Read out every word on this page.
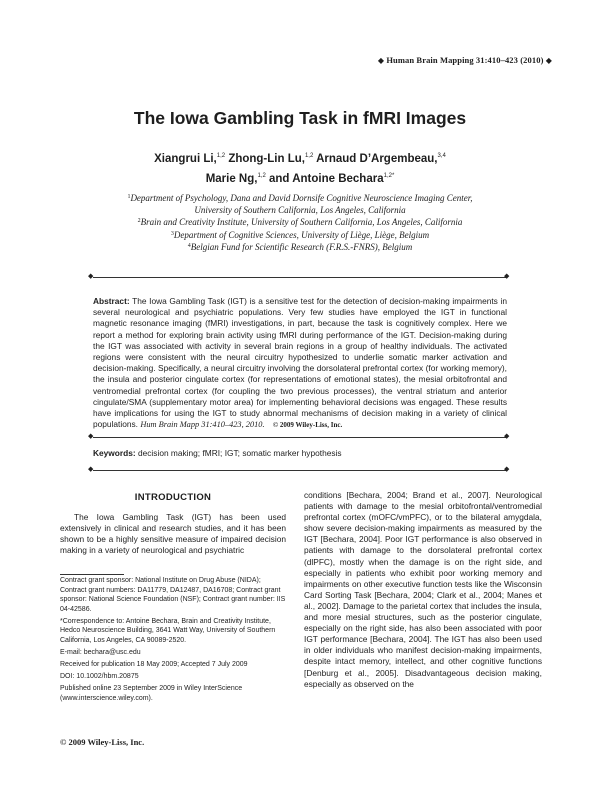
◆ Human Brain Mapping 31:410–423 (2010) ◆
The Iowa Gambling Task in fMRI Images
Xiangrui Li,$^{1,2}$ Zhong-Lin Lu,$^{1,2}$ Arnaud D’Argembeau,$^{3,4}$
Marie Ng,$^{1,2}$ and Antoine Bechara$^{1,2*}$
$^1$Department of Psychology, Dana and David Dornsife Cognitive Neuroscience Imaging Center,
University of Southern California, Los Angeles, California
$^2$Brain and Creativity Institute, University of Southern California, Los Angeles, California
$^3$Department of Cognitive Sciences, University of Liège, Liège, Belgium
$^4$Belgian Fund for Scientific Research (F.R.S.-FNRS), Belgium
◆	◆
Abstract: The Iowa Gambling Task (IGT) is a sensitive test for the detection of decision-making impairments in several neurological and psychiatric populations. Very few studies have employed the IGT in functional magnetic resonance imaging (fMRI) investigations, in part, because the task is cognitively complex. Here we report a method for exploring brain activity using fMRI during performance of the IGT. Decision-making during the IGT was associated with activity in several brain regions in a group of healthy individuals. The activated regions were consistent with the neural circuitry hypothesized to underlie somatic marker activation and decision-making. Specifically, a neural circuitry involving the dorsolateral prefrontal cortex (for working memory), the insula and posterior cingulate cortex (for representations of emotional states), the mesial orbitofrontal and ventromedial prefrontal cortex (for coupling the two previous processes), the ventral striatum and anterior cingulate/SMA (supplementary motor area) for implementing behavioral decisions was engaged. These results have implications for using the IGT to study abnormal mechanisms of decision making in a variety of clinical populations. Hum Brain Mapp 31:410–423, 2010. © 2009 Wiley-Liss, Inc.
◆	◆
Keywords: decision making; fMRI; IGT; somatic marker hypothesis
◆	◆
INTRODUCTION
The Iowa Gambling Task (IGT) has been used extensively in clinical and research studies, and it has been shown to be a highly sensitive measure of impaired decision making in a variety of neurological and psychiatric
conditions [Bechara, 2004; Brand et al., 2007]. Neurological patients with damage to the mesial orbitofrontal/ventromedial prefrontal cortex (mOFC/vmPFC), or to the bilateral amygdala, show severe decision-making impairments as measured by the IGT [Bechara, 2004]. Poor IGT performance is also observed in patients with damage to the dorsolateral prefrontal cortex (dlPFC), mostly when the damage is on the right side, and especially in patients who exhibit poor working memory and impairments on other executive function tests like the Wisconsin Card Sorting Task [Bechara, 2004; Clark et al., 2004; Manes et al., 2002]. Damage to the parietal cortex that includes the insula, and more mesial structures, such as the posterior cingulate, especially on the right side, has also been associated with poor IGT performance [Bechara, 2004]. The IGT has also been used in older individuals who manifest decision-making impairments, despite intact memory, intellect, and other cognitive functions [Denburg et al., 2005]. Disadvantageous decision making, especially as observed on the
Contract grant sponsor: National Institute on Drug Abuse (NIDA); Contract grant numbers: DA11779, DA12487, DA16708; Contract grant sponsor: National Science Foundation (NSF); Contract grant number: IIS 04-42586.
*Correspondence to: Antoine Bechara, Brain and Creativity Institute, Hedco Neuroscience Building, 3641 Watt Way, University of Southern California, Los Angeles, CA 90089-2520.
E-mail: bechara@usc.edu
Received for publication 18 May 2009; Accepted 7 July 2009
DOI: 10.1002/hbm.20875
Published online 23 September 2009 in Wiley InterScience (www.interscience.wiley.com).
© 2009 Wiley-Liss, Inc.
